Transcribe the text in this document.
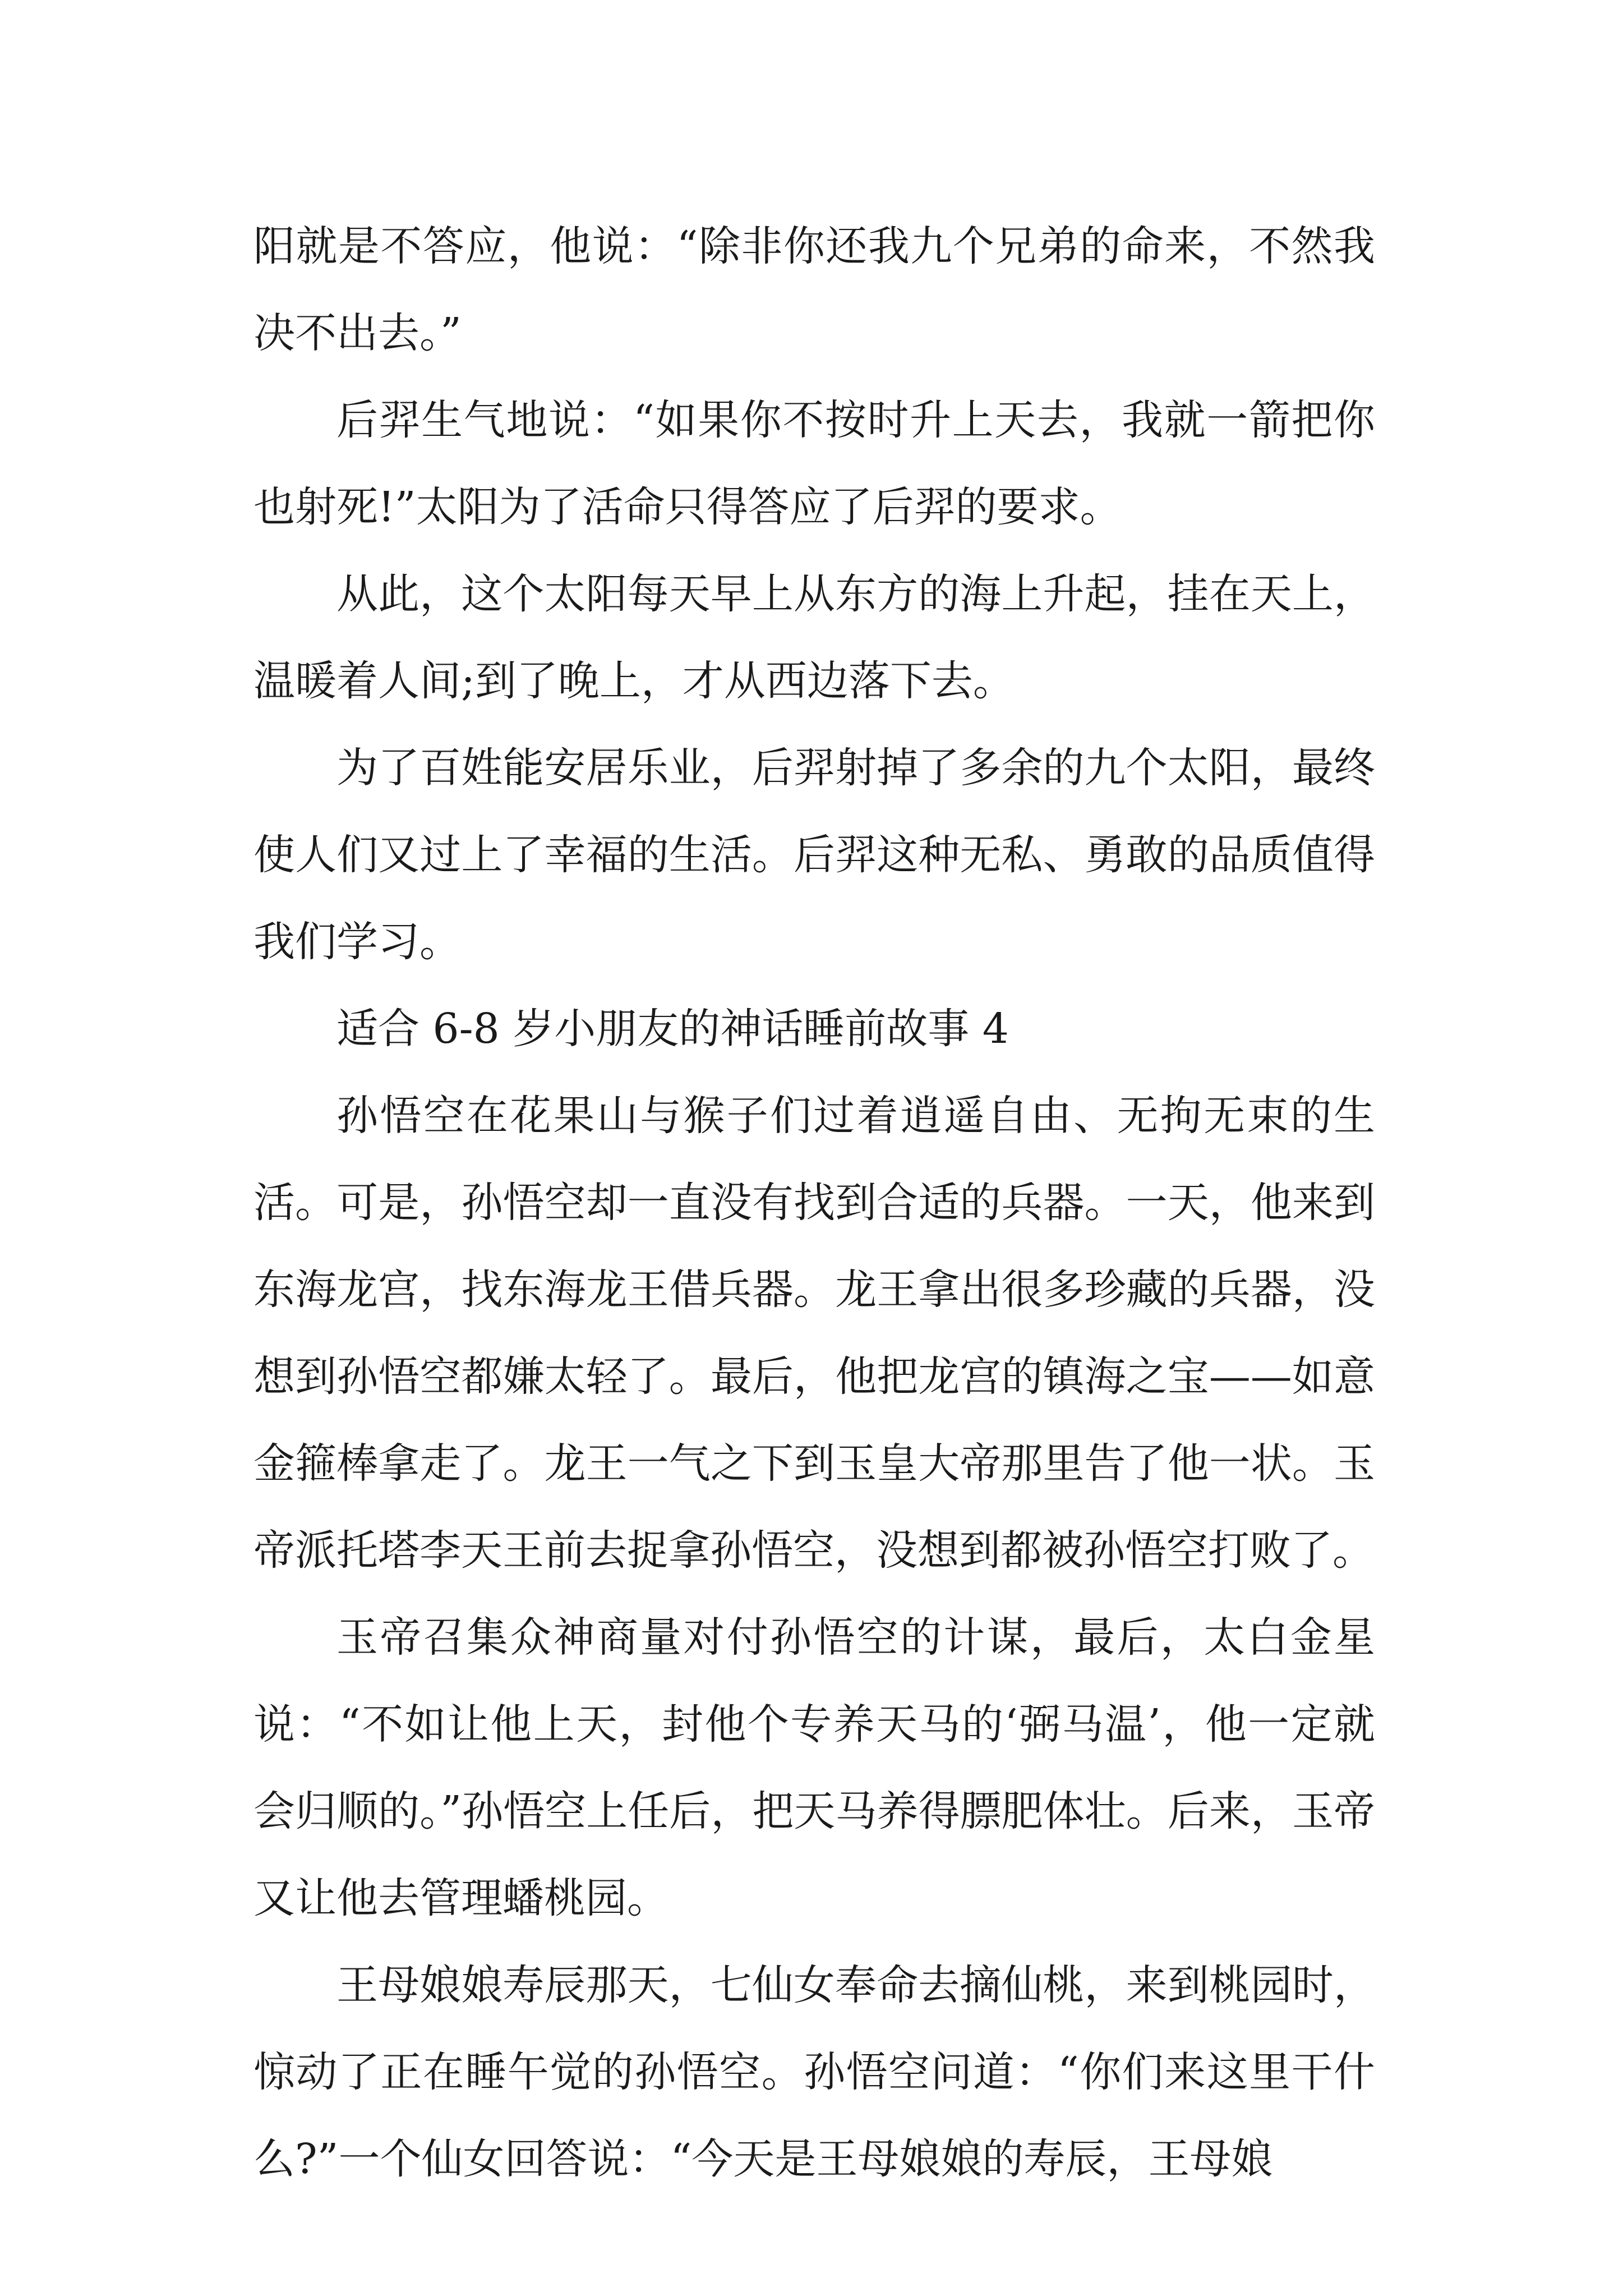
阳就是不答应，他说：“除非你还我九个兄弟的命来，不然我决不出去。”

后羿生气地说：“如果你不按时升上天去，我就一箭把你也射死!”太阳为了活命只得答应了后羿的要求。

从此，这个太阳每天早上从东方的海上升起，挂在天上，温暖着人间;到了晚上，才从西边落下去。

为了百姓能安居乐业，后羿射掉了多余的九个太阳，最终使人们又过上了幸福的生活。后羿这种无私、勇敢的品质值得我们学习。

适合 6-8 岁小朋友的神话睡前故事 4

孙悟空在花果山与猴子们过着逍遥自由、无拘无束的生活。可是，孙悟空却一直没有找到合适的兵器。一天，他来到东海龙宫，找东海龙王借兵器。龙王拿出很多珍藏的兵器，没想到孙悟空都嫌太轻了。最后，他把龙宫的镇海之宝——如意金箍棒拿走了。龙王一气之下到玉皇大帝那里告了他一状。玉帝派托塔李天王前去捉拿孙悟空，没想到都被孙悟空打败了。

玉帝召集众神商量对付孙悟空的计谋，最后，太白金星说：“不如让他上天，封他个专养天马的‘弼马温’，他一定就会归顺的。”孙悟空上任后，把天马养得膘肥体壮。后来，玉帝又让他去管理蟠桃园。

王母娘娘寿辰那天，七仙女奉命去摘仙桃，来到桃园时，惊动了正在睡午觉的孙悟空。孙悟空问道：“你们来这里干什么?”一个仙女回答说：“今天是王母娘娘的寿辰，王母娘
